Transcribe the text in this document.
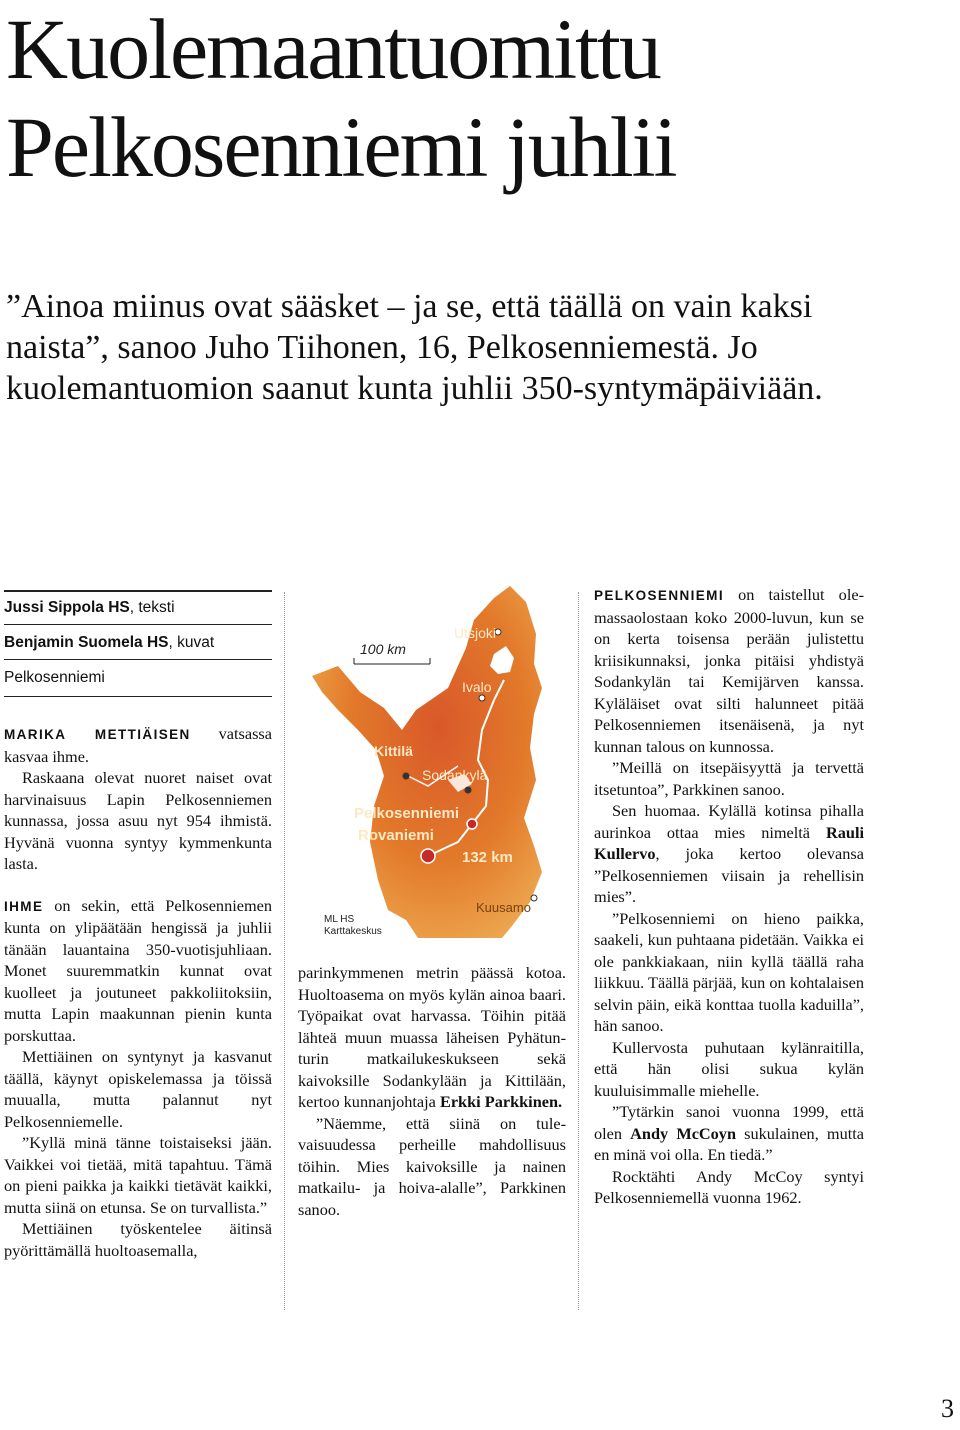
Kuolemaantuomittu
Pelkosenniemi juhlii

”Ainoa miinus ovat sääsket – ja se, että täällä on vain kaksi naista”, sanoo Juho Tiihonen, 16, Pelkosenniemestä. Jo kuolemantuomion saanut kunta juhlii 350-syntymäpäiviään.

Jussi Sippola HS, teksti
Benjamin Suomela HS, kuvat
Pelkosenniemi

MARIKA METTIÄISEN vatsassa kasvaa ihme.

Raskaana olevat nuoret naiset ovat harvinaisuus Lapin Pelkosenniemen kunnassa, jossa asuu nyt 954 ihmistä. Hyvänä vuonna syntyy kymmenkunta lasta.

IHME on sekin, että Pelkosenniemen kunta on ylipäätään hengissä ja juhlii tänään lauantaina 350-vuotisjuhliaan. Monet suuremmatkin kunnat ovat kuolleet ja joutuneet pakkoliitoksiin, mutta Lapin maakunnan pienin kunta porskuttaa.

Mettiäinen on syntynyt ja kasvanut täällä, käynyt opiskelemassa ja töissä muualla, mutta palannut nyt Pelkosenniemelle.

”Kyllä minä tänne toistaiseksi jään. Vaikkei voi tietää, mitä tapahtuu. Tämä on pieni paikka ja kaikki tietävät kaikki, mutta siinä on etunsa. Se on turvallista.”

Mettiäinen työskentelee äitinsä pyörittämällä huoltoasemalla,

100 km
Utsjoki
Ivalo
Kittilä
Sodankylä
Pelkosenniemi
Rovaniemi
132 km
Kuusamo
ML HS
Karttakeskus

parinkymmenen metrin päässä kotoa. Huoltoasema on myös kylän ainoa baari. Työpaikat ovat harvassa. Töihin pitää lähteä muun muassa läheisen Pyhätunturin matkailukeskukseen sekä kaivoksille Sodankylään ja Kittilään, kertoo kunnanjohtaja Erkki Parkkinen.

”Näemme, että siinä on tulevaisuudessa perheille mahdollisuus töihin. Mies kaivoksille ja nainen matkailu- ja hoiva-alalle”, Parkkinen sanoo.

PELKOSENNIEMI on taistellut olemassaolostaan koko 2000-luvun, kun se on kerta toisensa perään julistettu kriisikunnaksi, jonka pitäisi yhdistyä Sodankylän tai Kemijärven kanssa. Kyläläiset ovat silti halunneet pitää Pelkosenniemen itsenäisenä, ja nyt kunnan talous on kunnossa.

”Meillä on itsepäisyyttä ja tervettä itsetuntoa”, Parkkinen sanoo.

Sen huomaa. Kylällä kotinsa pihalla aurinkoa ottaa mies nimeltä Rauli Kullervo, joka kertoo olevansa ”Pelkosenniemen viisain ja rehellisin mies”.

”Pelkosenniemi on hieno paikka, saakeli, kun puhtaana pidetään. Vaikka ei ole pankkiakaan, niin kyllä täällä raha liikkuu. Täällä pärjää, kun on kohtalaisen selvin päin, eikä konttaa tuolla kaduilla”, hän sanoo.

Kullervosta puhutaan kylänraitilla, että hän olisi sukua kylän kuuluisimmalle miehelle.

”Tytärkin sanoi vuonna 1999, että olen Andy McCoyn sukulainen, mutta en minä voi olla. En tiedä.”

Rocktähti Andy McCoy syntyi Pelkosenniemellä vuonna 1962.

3
